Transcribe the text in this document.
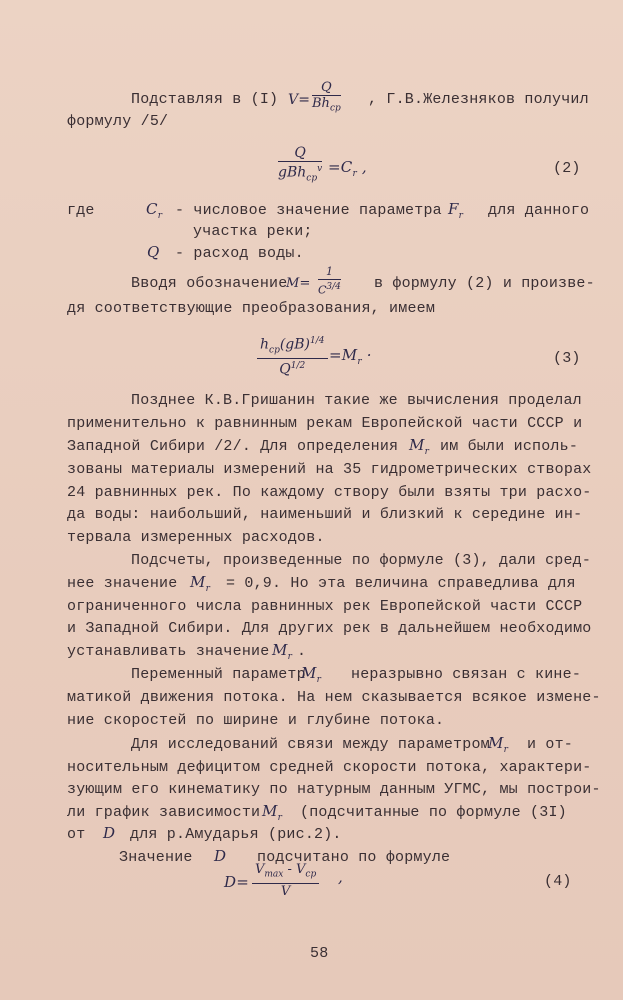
Подставляя в (I) V=
Q
$Bh_{ср}$
, Г.В.Железняков получил
формулу /5/
Q
$gBh_{ср}^v =C_r$ ,	(2)
где	$C_r$ - числовое значение параметра $F_r$ для данного
участка реки;
Q - расход воды.
Вводя обозначение
$M= \frac{1}{C^{3/4}}$ в формулу (2) и произве-
дя соответствующие преобразования, имеем
$h_{ср}(gB)^{1/4}$
$Q^{1/2}$
$=M_r$ ·	(3)
Позднее К.В.Гришанин такие же вычисления проделал
применительно к равнинным рекам Европейской части СССР и
Западной Сибири /2/. Для определения $M_r$ им были исполь-
зованы материалы измерений на 35 гидрометрических створах
24 равнинных рек. По каждому створу были взяты три расхо-
да воды: наибольший, наименьший и близкий к середине ин-
тервала измеренных расходов.
Подсчеты, произведенные по формуле (3), дали сред-
нее значение $M_r = 0,9$. Но эта величина справедлива для
ограниченного числа равнинных рек Европейской части СССР
и Западной Сибири. Для других рек в дальнейшем необходимо
устанавливать значение $M_r$ .
Переменный параметр
$M_r$ неразрывно связан с кине-
матикой движения потока. На нем сказывается всякое измене-
ние скоростей по ширине и глубине потока.
Для исследований связи между параметром
$M_r$ и от-
носительным дефицитом средней скорости потока, характери-
зующим его кинематику по натурным данным УГМС, мы построи-
ли график зависимости $M_r$ (подсчитанные по формуле (3I)
от D для р.Амударья (рис.2).
Значение D подсчитано по формуле
D=
$V_{max} - V_{ср}$
V
,	(4)
58
